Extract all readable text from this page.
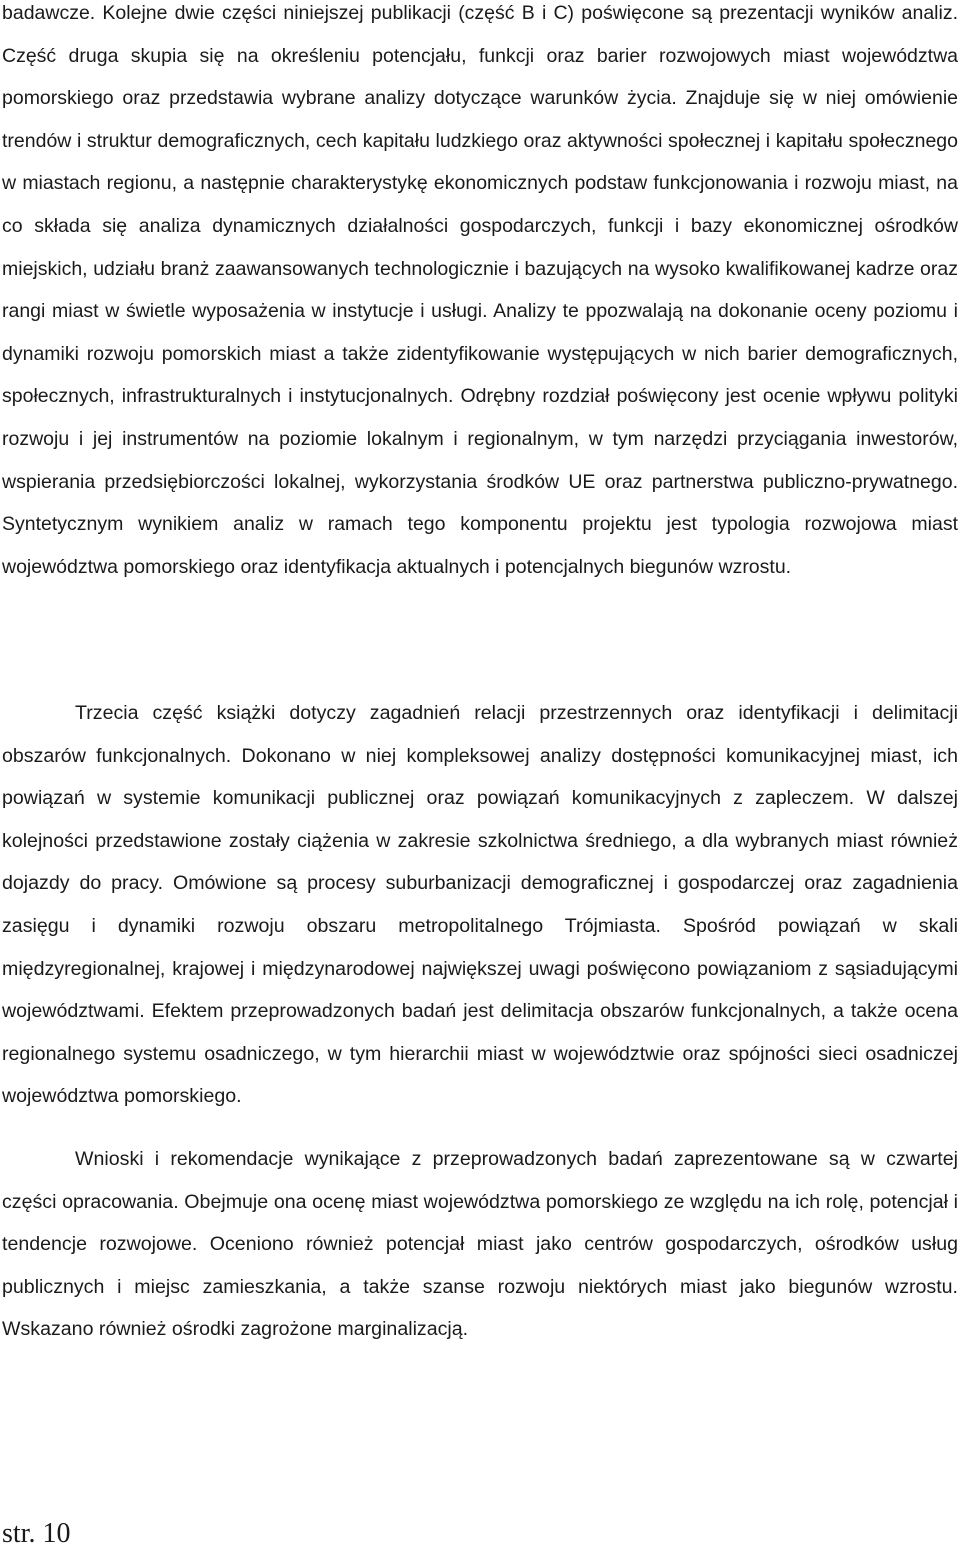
badawcze. Kolejne dwie części niniejszej publikacji (część B i C) poświęcone są prezentacji wyników analiz. Część druga skupia się na określeniu potencjału, funkcji oraz barier rozwojowych miast województwa pomorskiego oraz przedstawia wybrane analizy dotyczące warunków życia. Znajduje się w niej omówienie trendów i struktur demograficznych, cech kapitału ludzkiego oraz aktywności społecznej i kapitału społecznego w miastach regionu, a następnie charakterystykę ekonomicznych podstaw funkcjonowania i rozwoju miast, na co składa się analiza dynamicznych działalności gospodarczych, funkcji i bazy ekonomicznej ośrodków miejskich, udziału branż zaawansowanych technologicznie i bazujących na wysoko kwalifikowanej kadrze oraz rangi miast w świetle wyposażenia w instytucje i usługi. Analizy te ppozwalają na dokonanie oceny poziomu i dynamiki rozwoju pomorskich miast a także zidentyfikowanie występujących w nich barier demograficznych, społecznych, infrastrukturalnych i instytucjonalnych. Odrębny rozdział poświęcony jest ocenie wpływu polityki rozwoju i jej instrumentów na poziomie lokalnym i regionalnym, w tym narzędzi przyciągania inwestorów, wspierania przedsiębiorczości lokalnej, wykorzystania środków UE oraz partnerstwa publiczno-prywatnego. Syntetycznym wynikiem analiz w ramach tego komponentu projektu jest typologia rozwojowa miast województwa pomorskiego oraz identyfikacja aktualnych i potencjalnych biegunów wzrostu.

Trzecia część książki dotyczy zagadnień relacji przestrzennych oraz identyfikacji i delimitacji obszarów funkcjonalnych. Dokonano w niej kompleksowej analizy dostępności komunikacyjnej miast, ich powiązań w systemie komunikacji publicznej oraz powiązań komunikacyjnych z zapleczem. W dalszej kolejności przedstawione zostały ciążenia w zakresie szkolnictwa średniego, a dla wybranych miast również dojazdy do pracy. Omówione są procesy suburbanizacji demograficznej i gospodarczej oraz zagadnienia zasięgu i dynamiki rozwoju obszaru metropolitalnego Trójmiasta. Spośród powiązań w skali międzyregionalnej, krajowej i międzynarodowej największej uwagi poświęcono powiązaniom z sąsiadującymi województwami. Efektem przeprowadzonych badań jest delimitacja obszarów funkcjonalnych, a także ocena regionalnego systemu osadniczego, w tym hierarchii miast w województwie oraz spójności sieci osadniczej województwa pomorskiego.

Wnioski i rekomendacje wynikające z przeprowadzonych badań zaprezentowane są w czwartej części opracowania. Obejmuje ona ocenę miast województwa pomorskiego ze względu na ich rolę, potencjał i tendencje rozwojowe. Oceniono również potencjał miast jako centrów gospodarczych, ośrodków usług publicznych i miejsc zamieszkania, a także szanse rozwoju niektórych miast jako biegunów wzrostu. Wskazano również ośrodki zagrożone marginalizacją.

str. 10
